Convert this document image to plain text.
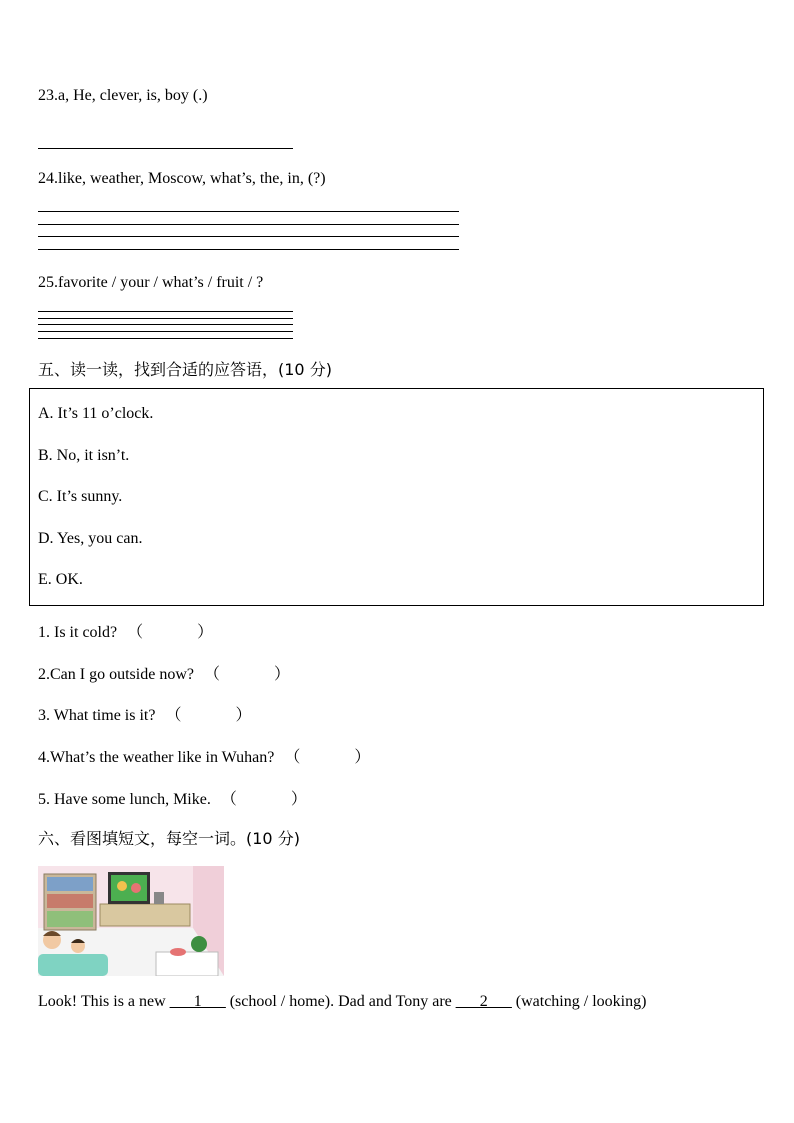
23.a, He, clever, is, boy (.)
24.like, weather, Moscow, what’s, the, in, (?)
25.favorite / your / what’s / fruit / ?
五、读一读，找到合适的应答语，(10 分)
A. It’s 11 o’clock.
B. No, it isn’t.
C. It’s sunny.
D. Yes, you can.
E. OK.
1. Is it cold? （	）
2.Can I go outside now? （	）
3. What time is it? （	）
4.What’s the weather like in Wuhan? （	）
5. Have some lunch, Mike. （	）
六、看图填短文，每空一词。(10 分)
Look! This is a new ___1___ (school / home). Dad and Tony are ___2___ (watching / looking)
